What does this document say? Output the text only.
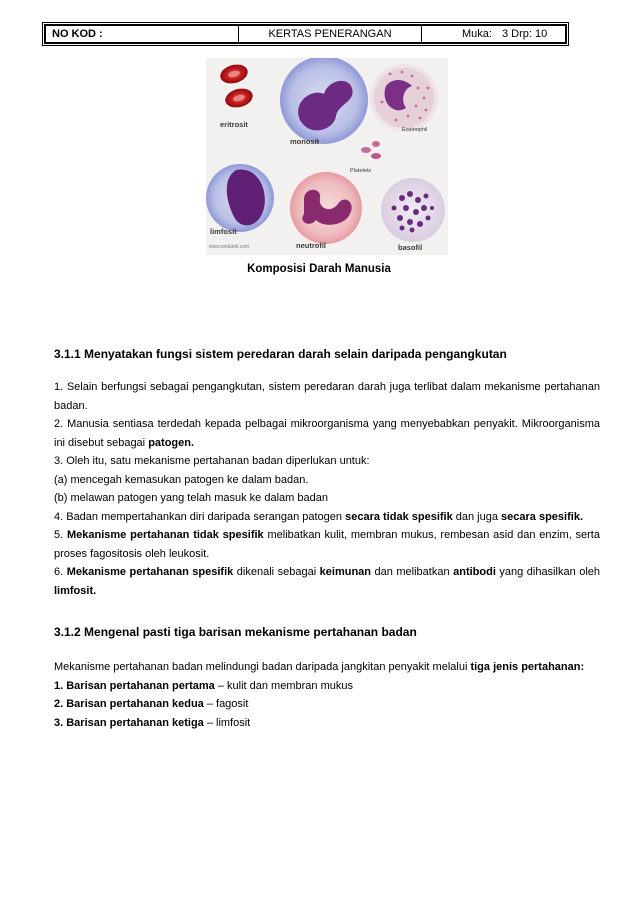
NO KOD :	KERTAS PENERANGAN	Muka: 3
Drp: 10
eritrosit
monosit
Eosinophil
Platelets
limfosit
neutrofil	basofil
www.sridianti.com
Komposisi Darah Manusia
3.1.1 Menyatakan fungsi sistem peredaran darah selain daripada pengangkutan

1. Selain berfungsi sebagai pengangkutan, sistem peredaran darah juga terlibat dalam mekanisme pertahanan badan.

2. Manusia sentiasa terdedah kepada pelbagai mikroorganisma yang menyebabkan penyakit. Mikroorganisma ini disebut sebagai patogen.

3. Oleh itu, satu mekanisme pertahanan badan diperlukan untuk:

(a) mencegah kemasukan patogen ke dalam badan.

(b) melawan patogen yang telah masuk ke dalam badan

4. Badan mempertahankan diri daripada serangan patogen secara tidak spesifik dan juga secara spesifik.

5. Mekanisme pertahanan tidak spesifik melibatkan kulit, membran mukus, rembesan asid dan enzim, serta proses fagositosis oleh leukosit.

6. Mekanisme pertahanan spesifik dikenali sebagai keimunan dan melibatkan antibodi yang dihasilkan oleh limfosit.

3.1.2 Mengenal pasti tiga barisan mekanisme pertahanan badan

Mekanisme pertahanan badan melindungi badan daripada jangkitan penyakit melalui tiga jenis pertahanan:

1. Barisan pertahanan pertama – kulit dan membran mukus

2. Barisan pertahanan kedua – fagosit

3. Barisan pertahanan ketiga – limfosit
